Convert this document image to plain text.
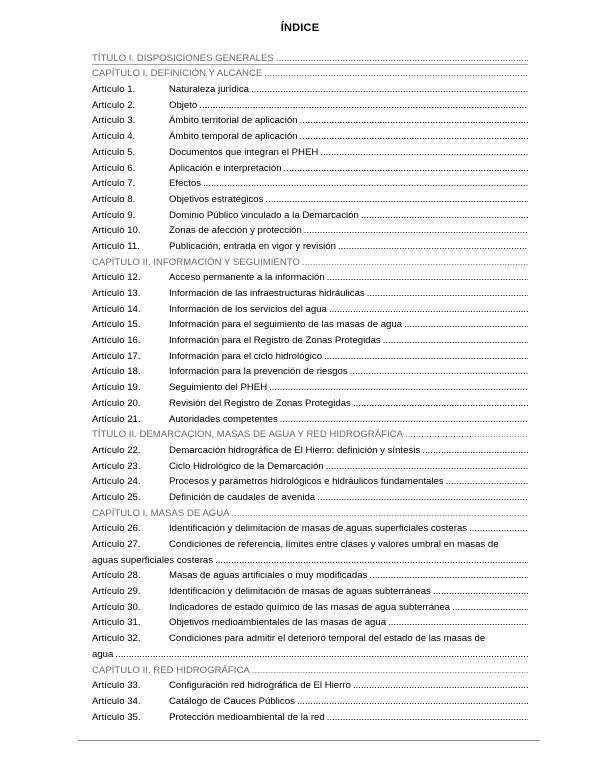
ÍNDICE
TÍTULO I. DISPOSICIONES GENERALES
.....
CAPÍTULO I. DEFINICIÓN Y ALCANCE
.....
Artículo 1.	Naturaleza jurídica
.....
Artículo 2.	Objeto
.....
Artículo 3.	Ámbito territorial de aplicación
.....
Artículo 4.	Ámbito temporal de aplicación
.....
Artículo 5.	Documentos que integran el PHEH
.....
Artículo 6.	Aplicación e interpretación
.....
Artículo 7.	Efectos
.....
Artículo 8.	Objetivos estratégicos
.....
Artículo 9.	Dominio Público vinculado a la Demarcación
.....
Artículo 10.	Zonas de afección y protección
.....
Artículo 11.	Publicación, entrada en vigor y revisión
.....
CAPÍTULO II. INFORMACIÓN Y SEGUIMIENTO
.....
Artículo 12.	Acceso permanente a la información
.....
Artículo 13.	Información de las infraestructuras hidráulicas
.....
Artículo 14.	Información de los servicios del agua
.....
Artículo 15.	Información para el seguimiento de las masas de agua
.....
Artículo 16.	Información para el Registro de Zonas Protegidas
.....
Artículo 17.	Información para el ciclo hidrológico
.....
Artículo 18.	Información para la prevención de riesgos
.....
Artículo 19.	Seguimiento del PHEH
.....
Artículo 20.	Revisión del Registro de Zonas Protegidas
.....
Artículo 21.	Autoridades competentes
.....
TÍTULO II. DEMARCACION, MASAS DE AGUA Y RED HIDROGRÁFICA
.....
Artículo 22.	Demarcación hidrográfica de El Hierro: definición y síntesis
.....
Artículo 23.	Ciclo Hidrológico de la Demarcación
.....
Artículo 24.	Procesos y parámetros hidrológicos e hidráulicos fundamentales
.....
Artículo 25.	Definición de caudales de avenida
.....
CAPÍTULO I. MASAS DE AGUA
.....
Artículo 26.	Identificación y delimitación de masas de aguas superficiales costeras
.....
Artículo 27.	Condiciones de referencia, límites entre clases y valores umbral en masas de
aguas superficiales costeras
.....
Artículo 28.	Masas de aguas artificiales o muy modificadas
.....
Artículo 29.	Identificación y delimitación de masas de aguas subterráneas
.....
Artículo 30.	Indicadores de estado químico de las masas de agua subterránea
.....
Artículo 31.	Objetivos medioambientales de las masas de agua
.....
Artículo 32.	Condiciones para admitir el deterioro temporal del estado de las masas de
agua
.....
CAPÍTULO II. RED HIDROGRÁFICA
.....
Artículo 33.	Configuración red hidrográfica de El Hierro
.....
Artículo 34.	Catálogo de Cauces Públicos
.....
Artículo 35.	Protección medioambiental de la red
.....
